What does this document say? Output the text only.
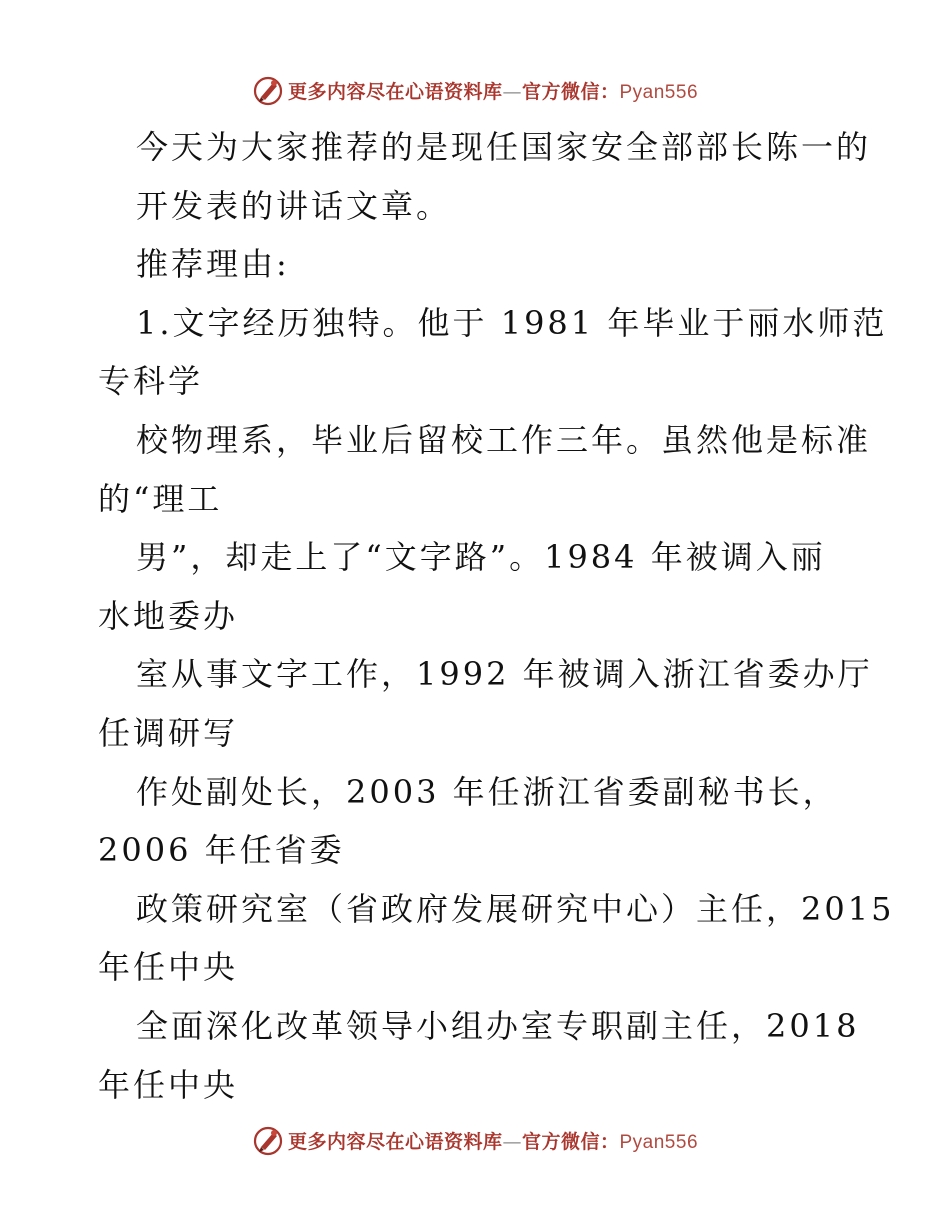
更多内容尽在心语资料库—官方微信：Pyan556
今天为大家推荐的是现任国家安全部部长陈一的
开发表的讲话文章。
推荐理由:
1.文字经历独特。他于 1981 年毕业于丽水师范
专科学
校物理系，毕业后留校工作三年。虽然他是标准
的“理工
男”，却走上了“文字路”。1984 年被调入丽
水地委办
室从事文字工作，1992 年被调入浙江省委办厅
任调研写
作处副处长，2003 年任浙江省委副秘书长，
2006 年任省委
政策研究室（省政府发展研究中心）主任，2015
年任中央
全面深化改革领导小组办室专职副主任，2018
年任中央
更多内容尽在心语资料库—官方微信：Pyan556
